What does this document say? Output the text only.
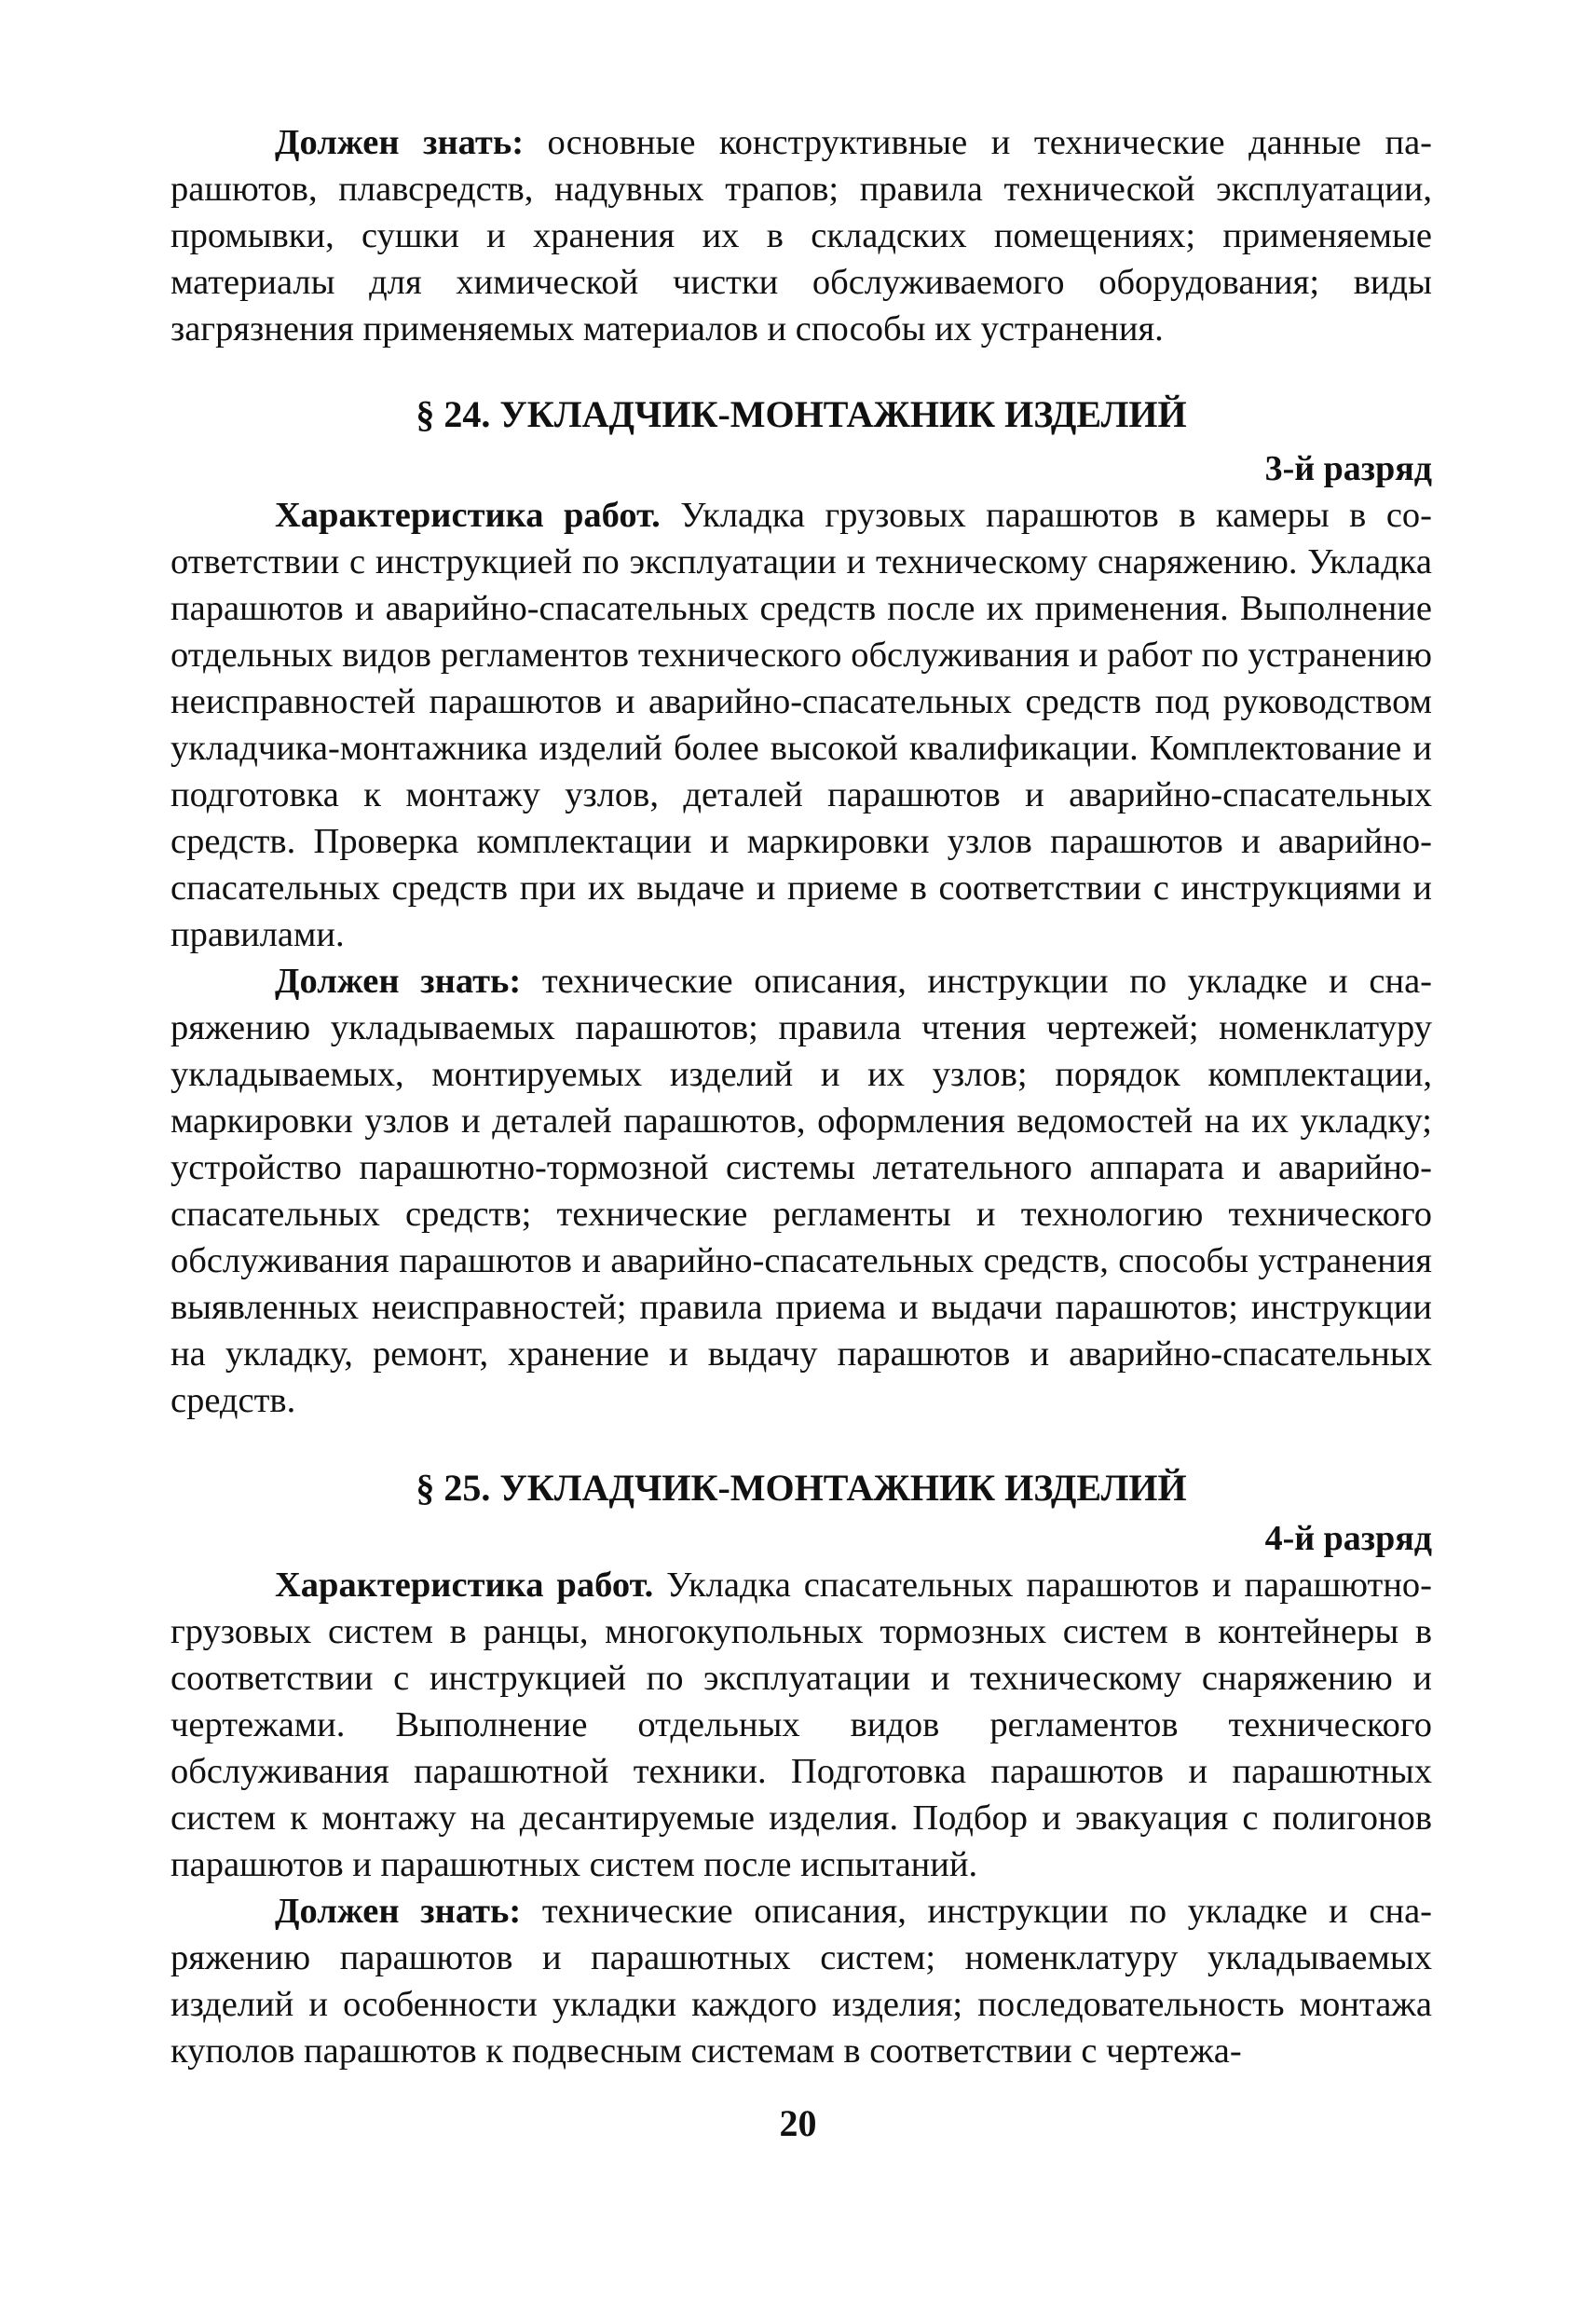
Должен знать: основные конструктивные и технические данные парашютов, плавсредств, надувных трапов; правила технической эксплуатации, промывки, сушки и хранения их в складских помещениях; применяемые материалы для химической чистки обслуживаемого оборудования; виды загрязнения применяемых материалов и способы их устранения.

§ 24. УКЛАДЧИК-МОНТАЖНИК ИЗДЕЛИЙ
3-й разряд

Характеристика работ. Укладка грузовых парашютов в камеры в соответствии с инструкцией по эксплуатации и техническому снаряжению. Укладка парашютов и аварийно-спасательных средств после их применения. Выполнение отдельных видов регламентов технического обслуживания и работ по устранению неисправностей парашютов и аварийно-спасательных средств под руководством укладчика-монтажника изделий более высокой квалификации. Комплектование и подготовка к монтажу узлов, деталей парашютов и аварийно-спасательных средств. Проверка комплектации и маркировки узлов парашютов и аварийно-спасательных средств при их выдаче и приеме в соответствии с инструкциями и правилами.

Должен знать: технические описания, инструкции по укладке и снаряжению укладываемых парашютов; правила чтения чертежей; номенклатуру укладываемых, монтируемых изделий и их узлов; порядок комплектации, маркировки узлов и деталей парашютов, оформления ведомостей на их укладку; устройство парашютно-тормозной системы летательного аппарата и аварийно-спасательных средств; технические регламенты и технологию технического обслуживания парашютов и аварийно-спасательных средств, способы устранения выявленных неисправностей; правила приема и выдачи парашютов; инструкции на укладку, ремонт, хранение и выдачу парашютов и аварийно-спасательных средств.

§ 25. УКЛАДЧИК-МОНТАЖНИК ИЗДЕЛИЙ
4-й разряд

Характеристика работ. Укладка спасательных парашютов и парашютно-грузовых систем в ранцы, многокупольных тормозных систем в контейнеры в соответствии с инструкцией по эксплуатации и техническому снаряжению и чертежами. Выполнение отдельных видов регламентов технического обслуживания парашютной техники. Подготовка парашютов и парашютных систем к монтажу на десантируемые изделия. Подбор и эвакуация с полигонов парашютов и парашютных систем после испытаний.

Должен знать: технические описания, инструкции по укладке и снаряжению парашютов и парашютных систем; номенклатуру укладываемых изделий и особенности укладки каждого изделия; последовательность монтажа куполов парашютов к подвесным системам в соответствии с чертежа-

20
